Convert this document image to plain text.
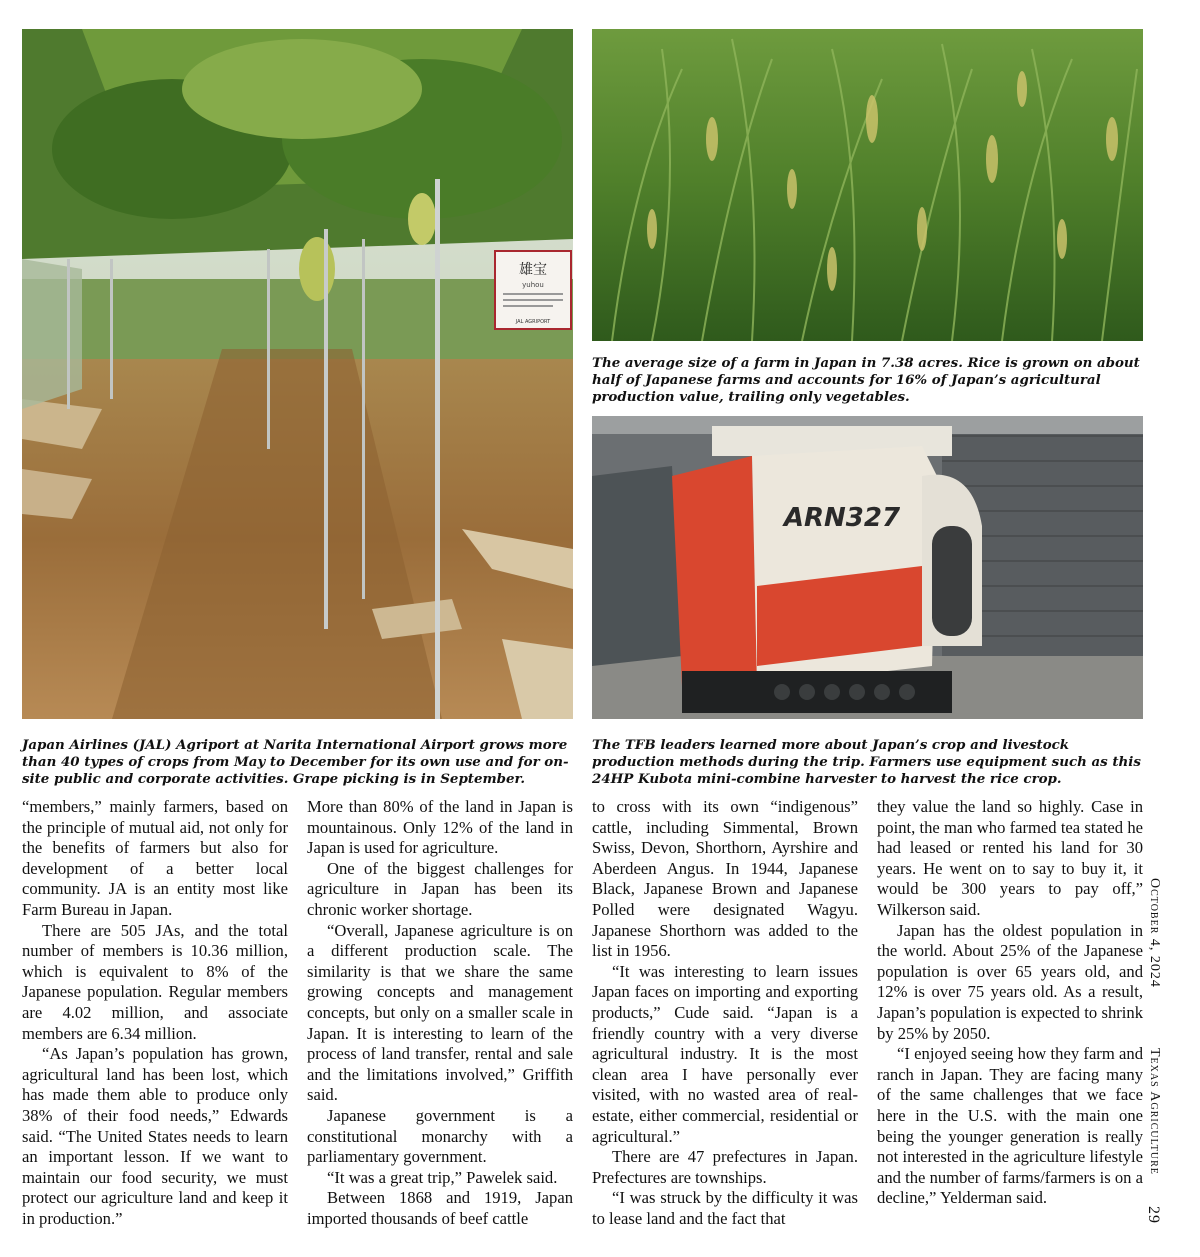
雄宝
yuhou
JAL AGRIPORT
ARN327
Japan Airlines (JAL) Agriport at Narita International Airport grows more than 40 types of crops from May to December for its own use and for on-site public and corporate activities. Grape picking is in September.
The average size of a farm in Japan in 7.38 acres. Rice is grown on about half of Japanese farms and accounts for 16% of Japan’s agricultural production value, trailing only vegetables.
The TFB leaders learned more about Japan’s crop and livestock production methods during the trip. Farmers use equipment such as this 24HP Kubota mini-combine harvester to harvest the rice crop.

“members,” mainly farmers, based on the principle of mutual aid, not only for the benefits of farmers but also for development of a better local community. JA is an entity most like Farm Bureau in Japan.

There are 505 JAs, and the total number of members is 10.36 million, which is equivalent to 8% of the Japanese population. Regular members are 4.02 million, and associate members are 6.34 million.

“As Japan’s population has grown, agricultural land has been lost, which has made them able to produce only 38% of their food needs,” Edwards said. “The United States needs to learn an important lesson. If we want to maintain our food security, we must protect our agriculture land and keep it in production.”

More than 80% of the land in Japan is mountainous. Only 12% of the land in Japan is used for agriculture.

One of the biggest challenges for agriculture in Japan has been its chronic worker shortage.

“Overall, Japanese agriculture is on a different production scale. The similarity is that we share the same growing concepts and management concepts, but only on a smaller scale in Japan. It is interesting to learn of the process of land transfer, rental and sale and the limitations involved,” Griffith said.

Japanese government is a constitutional monarchy with a parliamentary government.

“It was a great trip,” Pawelek said.

Between 1868 and 1919, Japan imported thousands of beef cattle

to cross with its own “indigenous” cattle, including Simmental, Brown Swiss, Devon, Shorthorn, Ayrshire and Aberdeen Angus. In 1944, Japanese Black, Japanese Brown and Japanese Polled were designated Wagyu. Japanese Shorthorn was added to the list in 1956.

“It was interesting to learn issues Japan faces on importing and exporting products,” Cude said. “Japan is a friendly country with a very diverse agricultural industry. It is the most clean area I have personally ever visited, with no wasted area of real-estate, either commercial, residential or agricultural.”

There are 47 prefectures in Japan. Prefectures are townships.

“I was struck by the difficulty it was to lease land and the fact that

they value the land so highly. Case in point, the man who farmed tea stated he had leased or rented his land for 30 years. He went on to say to buy it, it would be 300 years to pay off,” Wilkerson said.

Japan has the oldest population in the world. About 25% of the Japanese population is over 65 years old, and 12% is over 75 years old. As a result, Japan’s population is expected to shrink by 25% by 2050.

“I enjoyed seeing how they farm and ranch in Japan. They are facing many of the same challenges that we face here in the U.S. with the main one being the younger generation is really not interested in the agriculture lifestyle and the number of farms/farmers is on a decline,” Yelderman said.

October 4, 2024
Texas Agriculture
29
